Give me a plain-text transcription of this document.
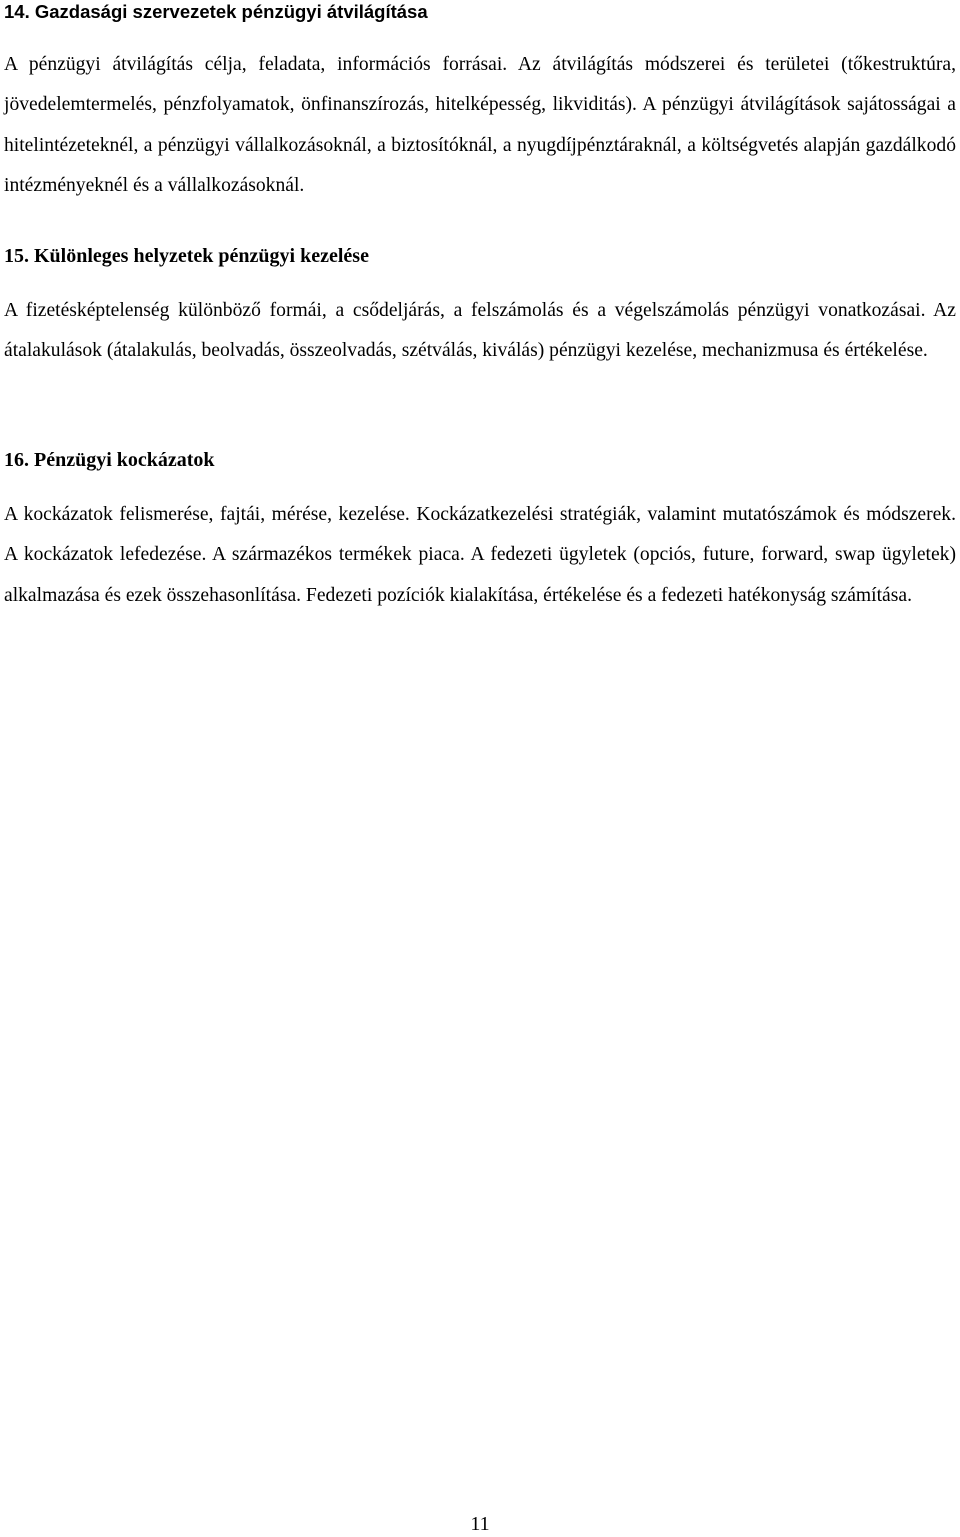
14. Gazdasági szervezetek pénzügyi átvilágítása

A pénzügyi átvilágítás célja, feladata, információs forrásai. Az átvilágítás módszerei és területei (tőkestruktúra, jövedelemtermelés, pénzfolyamatok, önfinanszírozás, hitelképesség, likviditás). A pénzügyi átvilágítások sajátosságai a hitelintézeteknél, a pénzügyi vállalkozásoknál, a biztosítóknál, a nyugdíjpénztáraknál, a költségvetés alapján gazdálkodó intézményeknél és a vállalkozásoknál.

15. Különleges helyzetek pénzügyi kezelése

A fizetésképtelenség különböző formái, a csődeljárás, a felszámolás és a végelszámolás pénzügyi vonatkozásai. Az átalakulások (átalakulás, beolvadás, összeolvadás, szétválás, kiválás) pénzügyi kezelése, mechanizmusa és értékelése.

16. Pénzügyi kockázatok

A kockázatok felismerése, fajtái, mérése, kezelése. Kockázatkezelési stratégiák, valamint mutatószámok és módszerek. A kockázatok lefedezése. A származékos termékek piaca. A fedezeti ügyletek (opciós, future, forward, swap ügyletek) alkalmazása és ezek összehasonlítása. Fedezeti pozíciók kialakítása, értékelése és a fedezeti hatékonyság számítása.

11
